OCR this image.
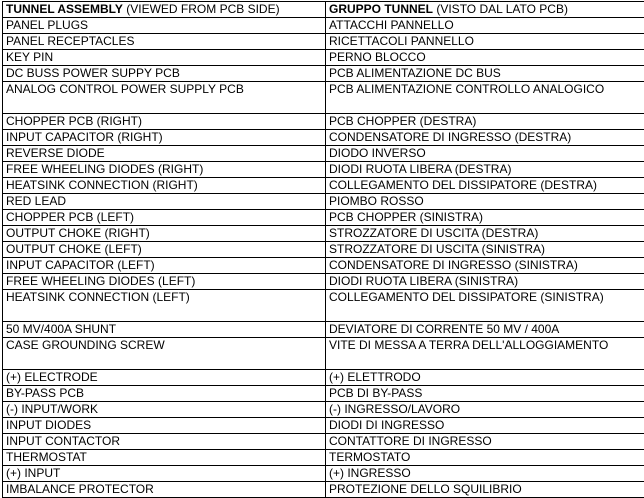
TUNNEL ASSEMBLY (VIEWED FROM PCB SIDE)	GRUPPO TUNNEL (VISTO DAL LATO PCB)
PANEL PLUGS	ATTACCHI PANNELLO
PANEL RECEPTACLES	RICETTACOLI PANNELLO
KEY PIN	PERNO BLOCCO
DC BUSS POWER SUPPY PCB	PCB ALIMENTAZIONE DC BUS
ANALOG CONTROL POWER SUPPLY PCB	PCB ALIMENTAZIONE CONTROLLO ANALOGICO
CHOPPER PCB (RIGHT)	PCB CHOPPER (DESTRA)
INPUT CAPACITOR (RIGHT)	CONDENSATORE DI INGRESSO (DESTRA)
REVERSE DIODE	DIODO INVERSO
FREE WHEELING DIODES (RIGHT)	DIODI RUOTA LIBERA (DESTRA)
HEATSINK CONNECTION (RIGHT)	COLLEGAMENTO DEL DISSIPATORE (DESTRA)
RED LEAD	PIOMBO ROSSO
CHOPPER PCB (LEFT)	PCB CHOPPER (SINISTRA)
OUTPUT CHOKE (RIGHT)	STROZZATORE DI USCITA (DESTRA)
OUTPUT CHOKE (LEFT)	STROZZATORE DI USCITA (SINISTRA)
INPUT CAPACITOR (LEFT)	CONDENSATORE DI INGRESSO (SINISTRA)
FREE WHEELING DIODES (LEFT)	DIODI RUOTA LIBERA (SINISTRA)
HEATSINK CONNECTION (LEFT)	COLLEGAMENTO DEL DISSIPATORE (SINISTRA)
50 MV/400A SHUNT	DEVIATORE DI CORRENTE 50 MV / 400A
CASE GROUNDING SCREW	VITE DI MESSA A TERRA DELL'ALLOGGIAMENTO
(+) ELECTRODE	(+) ELETTRODO
BY-PASS PCB	PCB DI BY-PASS
(-) INPUT/WORK	(-) INGRESSO/LAVORO
INPUT DIODES	DIODI DI INGRESSO
INPUT CONTACTOR	CONTATTORE DI INGRESSO
THERMOSTAT	TERMOSTATO
(+) INPUT	(+) INGRESSO
IMBALANCE PROTECTOR	PROTEZIONE DELLO SQUILIBRIO
